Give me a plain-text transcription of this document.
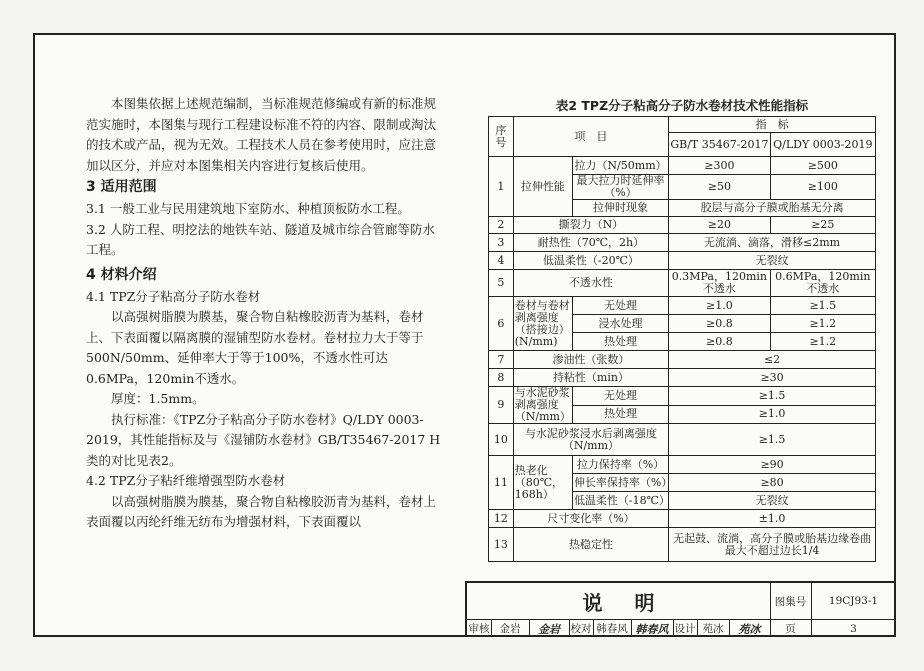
本图集依据上述规范编制，当标准规范修编或有新的标准规范实施时，本图集与现行工程建设标准不符的内容、限制或淘汰的技术或产品，视为无效。工程技术人员在参考使用时，应注意加以区分，并应对本图集相关内容进行复核后使用。

3 适用范围

3.1 一般工业与民用建筑地下室防水、种植顶板防水工程。

3.2 人防工程、明挖法的地铁车站、隧道及城市综合管廊等防水工程。

4 材料介绍

4.1 TPZ分子粘高分子防水卷材

以高强树脂膜为膜基，聚合物自粘橡胶沥青为基料，卷材上、下表面覆以隔离膜的湿铺型防水卷材。卷材拉力大于等于500N/50mm、延伸率大于等于100%，不透水性可达0.6MPa，120min不透水。

厚度：1.5mm。

执行标准：《TPZ分子粘高分子防水卷材》Q/LDY 0003-2019，其性能指标及与《湿铺防水卷材》GB/T35467-2017 H类的对比见表2。

4.2 TPZ分子粘纤维增强型防水卷材

以高强树脂膜为膜基，聚合物自粘橡胶沥青为基料，卷材上表面覆以丙纶纤维无纺布为增强材料，下表面覆以

表2 TPZ分子粘高分子防水卷材技术性能指标
序号	项　目		指　标	
			GB/T 35467-2017	Q/LDY 0003-2019
1	拉伸性能	拉力（N/50mm）	≥300	≥500
		最大拉力时延伸率（%）	≥50	≥100
		拉伸时现象	胶层与高分子膜或胎基无分离	
2	撕裂力（N）		≥20	≥25
3	耐热性（70℃，2h）		无流淌、滴落，滑移≤2mm	
4	低温柔性（-20℃）		无裂纹	
5	不透水性		0.3MPa，120min不透水	0.6MPa，120min不透水
6	卷材与卷材剥离强度（搭接边）(N/mm)	无处理	≥1.0	≥1.5
		浸水处理	≥0.8	≥1.2
		热处理	≥0.8	≥1.2
7	渗油性（张数）		≤2	
8	持粘性（min）		≥30	
9	与水泥砂浆剥离强度（N/mm）	无处理	≥1.5	
		热处理	≥1.0	
10	与水泥砂浆浸水后剥离强度（N/mm）		≥1.5	
11	热老化（80℃，168h）	拉力保持率（%）	≥90	
		伸长率保持率（%）	≥80	
		低温柔性（-18℃）	无裂纹	
12	尺寸变化率（%）		±1.0	
13	热稳定性		无起鼓、流淌，高分子膜或胎基边缘卷曲最大不超过边长1/4	
说明	图集号	19CJ93-1
审核 金岩	金岩	校对 韩春风 韩春风 设计 苑冰	苑冰	页	3
